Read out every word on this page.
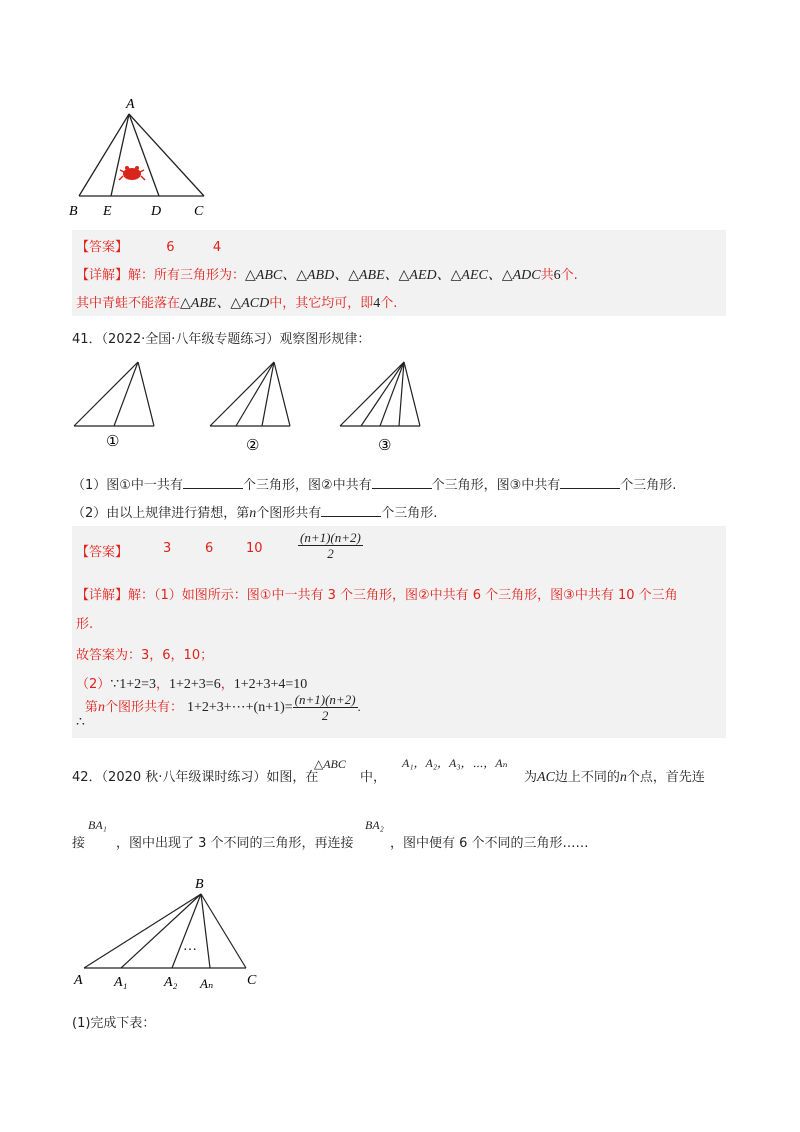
A
B E	D C
【答案】	6	4
【详解】解：所有三角形为：△ABC、△ABD、△ABE、△AED、△AEC、△ADC共6个.
其中青蛙不能落在△ABE、△ACD中，其它均可，即4个.
41．（2022·全国·八年级专题练习）观察图形规律：
①	②	③
（1）图①中一共有	个三角形，图②中共有	个三角形，图③中共有	个三角形.
（2）由以上规律进行猜想，第n个图形共有	个三角形.
【答案】	3	6	10	$\frac{(n+1)(n+2)}{2}$
【详解】解：（1）如图所示：图①中一共有 3 个三角形，图②中共有 6 个三角形，图③中共有 10 个三角
形.
故答案为：3，6，10；
（2）∵1+2=3，1+2+3=6，1+2+3+4=10
∴第n个图形共有： 1+2+3+⋯+(n+1)= $\frac{(n+1)(n+2)}{2}$ .
42．（2020 秋·八年级课时练习）如图，在
△ABC
中，
A₁，A₂，A₃，⋯，Aₙ
为AC边上不同的n个点，首先连
接
BA₁
，图中出现了 3 个不同的三角形，再连接
BA₂
，图中便有 6 个不同的三角形……
B
…
A A₁	A₂ Aₙ C
(1)完成下表：
